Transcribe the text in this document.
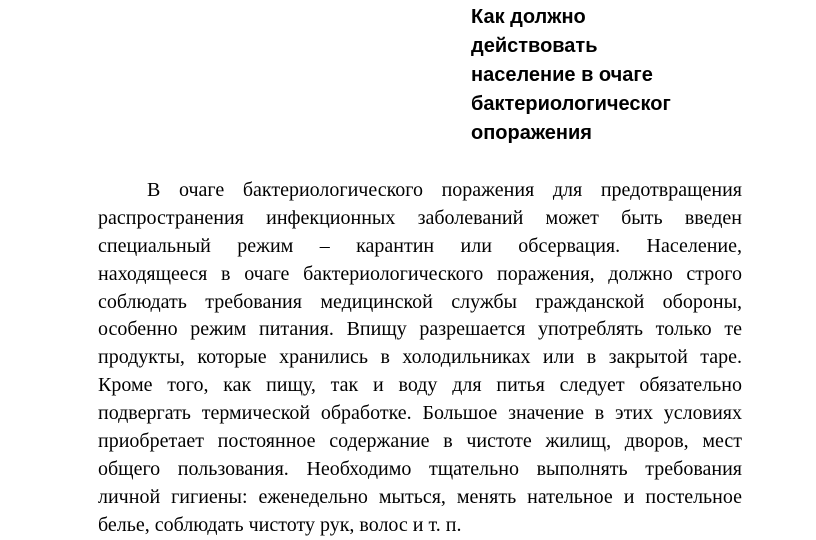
Как должно
действовать
население в очаге
бактериологическог
опоражения
В очаге бактериологического поражения для предотвращения
распространения инфекционных заболеваний может быть введен
специальный режим – карантин или обсервация. Население,
находящееся в очаге бактериологического поражения, должно строго
соблюдать требования медицинской службы гражданской обороны,
особенно режим питания. Впищу разрешается употреблять только те
продукты, которые хранились в холодильниках или в закрытой таре.
Кроме того, как пищу, так и воду для питья следует обязательно
подвергать термической обработке. Большое значение в этих условиях
приобретает постоянное содержание в чистоте жилищ, дворов, мест
общего пользования. Необходимо тщательно выполнять требования
личной гигиены: еженедельно мыться, менять нательное и постельное
белье, соблюдать чистоту рук, волос и т. п.
